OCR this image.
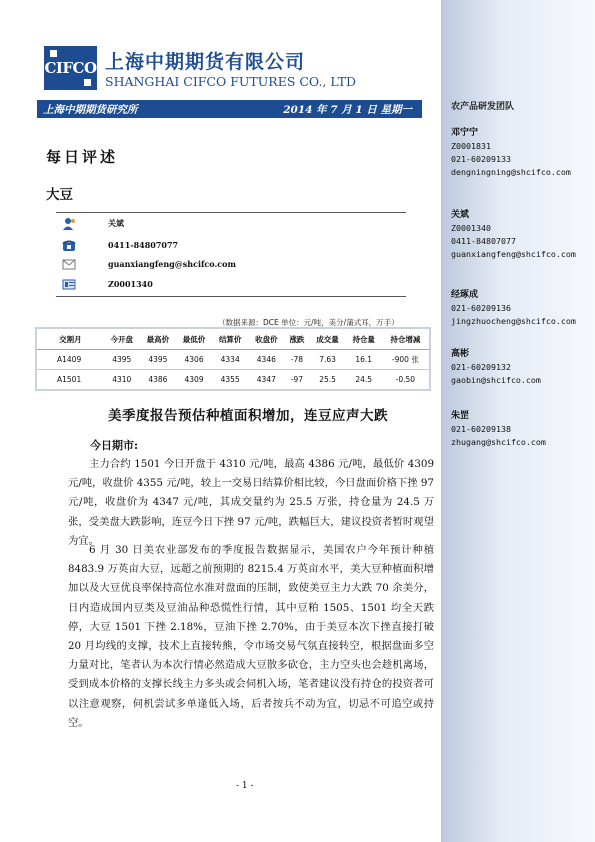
农产品研发团队
邓宁宁
Z0001831
021-60209133
dengningning@shcifco.com
关斌
Z0001340
0411-84807077
guanxiangfeng@shcifco.com
经琢成
021-60209136
jingzhuocheng@shcifco.com
高彬
021-60209132
gaobin@shcifco.com
朱罡
021-60209138
zhugang@shcifco.com
CIFCO 上海中期期货有限公司
SHANGHAI CIFCO FUTURES CO., LTD
上海中期期货研究所	2014 年 7 月 1 日 星期一
每日评述
大豆
关斌
0411-84807077
guanxiangfeng@shcifco.com
Z0001340
（数据来源：DCE 单位：元/吨，美分/蒲式耳，万手）
交割月	今开盘	最高价	最低价	结算价	收盘价	涨跌	成交量	持仓量	持仓增减
A1409	4395	4395	4306	4334	4346	-78	7.63	16.1	-900 张
A1501	4310	4386	4309	4355	4347	-97	25.5	24.5	-0.50
美季度报告预估种植面积增加，连豆应声大跌
今日期市:
主力合约 1501 今日开盘于 4310 元/吨，最高 4386 元/吨，最低价 4309 元/吨，收盘价 4355 元/吨，较上一交易日结算价相比较，今日盘面价格下挫 97 元/吨，收盘价为 4347 元/吨，其成交量约为 25.5 万张，持仓量为 24.5 万张，受美盘大跌影响，连豆今日下挫 97 元/吨，跌幅巨大，建议投资者暂时观望为宜。
6 月 30 日美农业部发布的季度报告数据显示，美国农户今年预计种植 8483.9 万英亩大豆，远超之前预期的 8215.4 万英亩水平，美大豆种植面积增加以及大豆优良率保持高位水准对盘面的压制，致使美豆主力大跌 70 余美分，日内造成国内豆类及豆油品种恐慌性行情，其中豆粕 1505、1501 均全天跌停，大豆 1501 下挫 2.18%，豆油下挫 2.70%，由于美豆本次下挫直接打破 20 月均线的支撑，技术上直接转熊，令市场交易气氛直接转空，根据盘面多空力量对比，笔者认为本次行情必然造成大豆散多砍仓，主力空头也会趁机离场，受到成本价格的支撑长线主力多头或会伺机入场，笔者建议没有持仓的投资者可以注意观察，伺机尝试多单逢低入场，后者按兵不动为宜，切忌不可追空或持空。
- 1 -
